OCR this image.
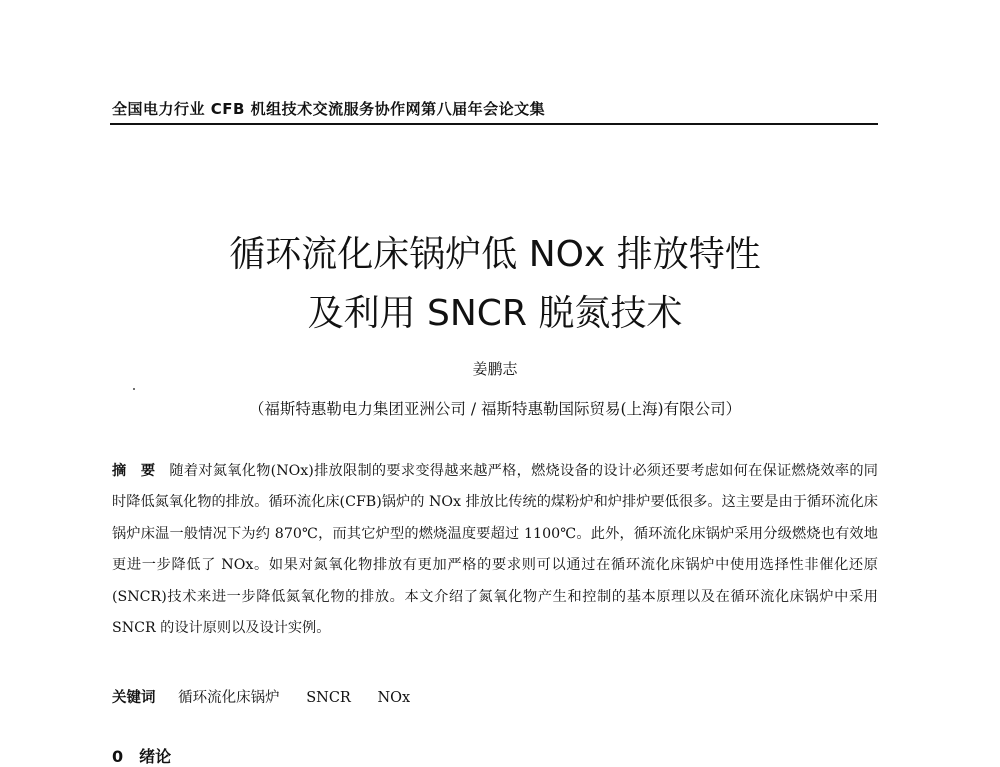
全国电力行业 CFB 机组技术交流服务协作网第八届年会论文集
循环流化床锅炉低 NOx 排放特性
及利用 SNCR 脱氮技术
姜鹏志
（福斯特惠勒电力集团亚洲公司 / 福斯特惠勒国际贸易(上海)有限公司）
摘　要 随着对氮氧化物(NOx)排放限制的要求变得越来越严格，燃烧设备的设计必须还要考虑如何在保证燃烧效率的同时降低氮氧化物的排放。循环流化床(CFB)锅炉的 NOx 排放比传统的煤粉炉和炉排炉要低很多。这主要是由于循环流化床锅炉床温一般情况下为约 870℃，而其它炉型的燃烧温度要超过 1100℃。此外，循环流化床锅炉采用分级燃烧也有效地更进一步降低了 NOx。如果对氮氧化物排放有更加严格的要求则可以通过在循环流化床锅炉中使用选择性非催化还原(SNCR)技术来进一步降低氮氧化物的排放。本文介绍了氮氧化物产生和控制的基本原理以及在循环流化床锅炉中采用 SNCR 的设计原则以及设计实例。
关键词 循环流化床锅炉 SNCR NOx
0 绪论
